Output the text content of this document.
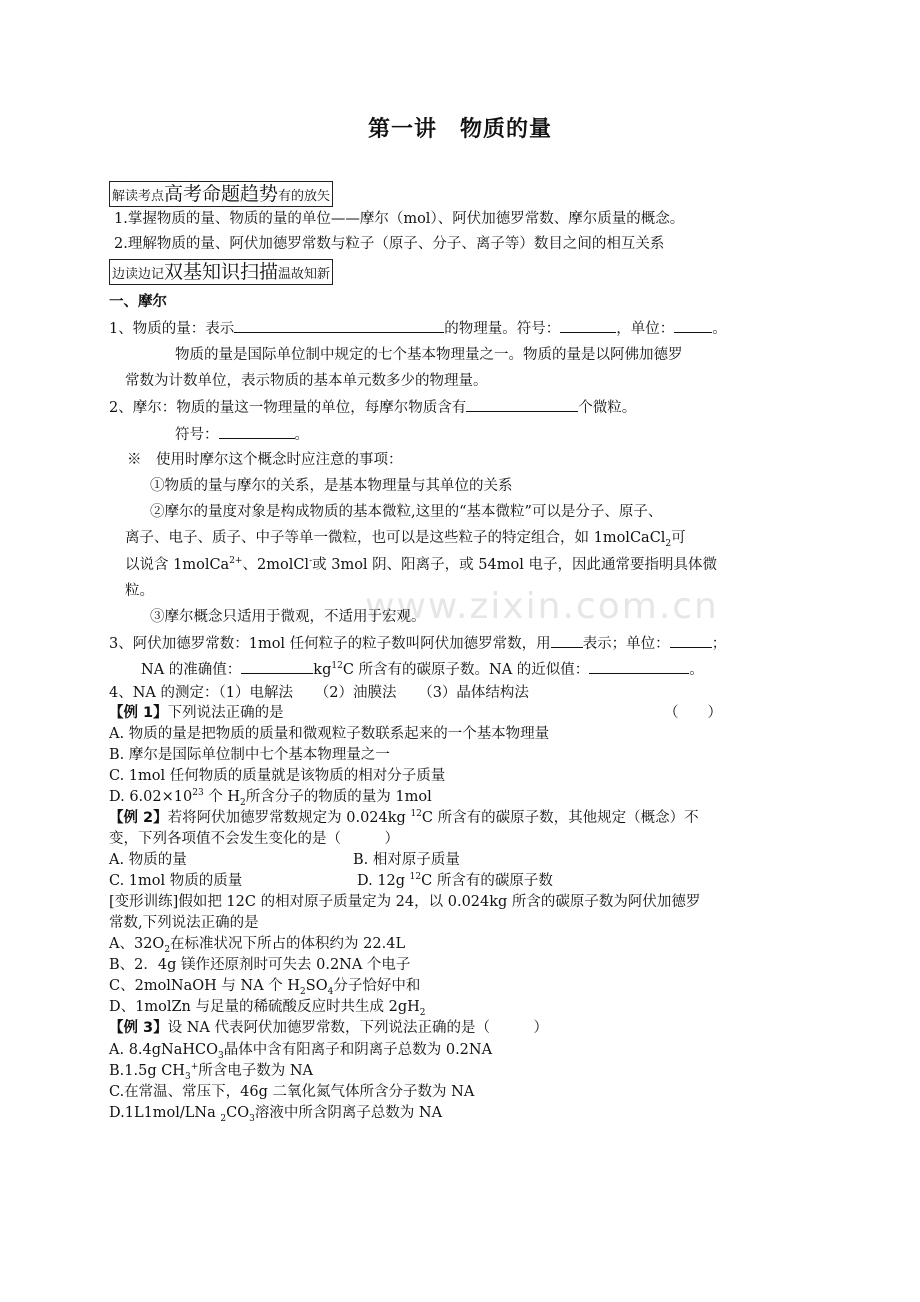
www.zixin.com.cn
第一讲　物质的量
解读考点高考命题趋势有的放矢
1.掌握物质的量、物质的量的单位——摩尔（mol）、阿伏加德罗常数、摩尔质量的概念。
2.理解物质的量、阿伏加德罗常数与粒子（原子、分子、离子等）数目之间的相互关系
边读边记双基知识扫描温故知新
一、摩尔
1、物质的量：表示	的物理量。符号：	，单位：	。
物质的量是国际单位制中规定的七个基本物理量之一。物质的量是以阿佛加德罗
常数为计数单位，表示物质的基本单元数多少的物理量。
2、摩尔：物质的量这一物理量的单位，每摩尔物质含有	个微粒。
符号：	。
※　使用时摩尔这个概念时应注意的事项：
①物质的量与摩尔的关系，是基本物理量与其单位的关系
②摩尔的量度对象是构成物质的基本微粒,这里的“基本微粒”可以是分子、原子、
离子、电子、质子、中子等单一微粒，也可以是这些粒子的特定组合，如 1molCaCl$_2$可
以说含 1molCa$^{2+}$、2molCl-或 3mol 阴、阳离子，或 54mol 电子，因此通常要指明具体微
粒。
③摩尔概念只适用于微观，不适用于宏观。
3、阿伏加德罗常数：1mol 任何粒子的粒子数叫阿伏加德罗常数，用 表示；单位：	；
NA 的准确值：	$kg^{12}C$ 所含有的碳原子数。NA 的近似值：	。
4、NA 的测定：（1）电解法　　（2）油膜法　　（3）晶体结构法
【例 1】下列说法正确的是	（　　）
A. 物质的量是把物质的质量和微观粒子数联系起来的一个基本物理量
B. 摩尔是国际单位制中七个基本物理量之一
C. 1mol 任何物质的质量就是该物质的相对分子质量
D. $6.02\times 10^{23}$ 个 $H_2$所含分子的物质的量为 1mol
【例 2】若将阿伏加德罗常数规定为 0.024kg $^{12}$C 所含有的碳原子数，其他规定（概念）不
变，下列各项值不会发生变化的是（　　　）
A. 物质的量	B. 相对原子质量
C. 1mol 物质的质量	D. 12g $^{12}$C 所含有的碳原子数
[变形训练]假如把 12C 的相对原子质量定为 24，以 0.024kg 所含的碳原子数为阿伏加德罗
常数,下列说法正确的是
A、$32O_2$在标准状况下所占的体积约为 22.4L
B、2．4g 镁作还原剂时可失去 0.2NA 个电子
C、2molNaOH 与 NA 个 $H_2SO_4$分子恰好中和
D、1molZn 与足量的稀硫酸反应时共生成 $2gH_2$
【例 3】设 NA 代表阿伏加德罗常数，下列说法正确的是（　　　）
A. 8.4gNaHCO$_3$晶体中含有阳离子和阴离子总数为 0.2NA
B.1.5g $CH_3^+$所含电子数为 NA
C.在常温、常压下，46g 二氧化氮气体所含分子数为 NA
D.1L1mol/LNa $_2CO_3$溶液中所含阴离子总数为 NA
